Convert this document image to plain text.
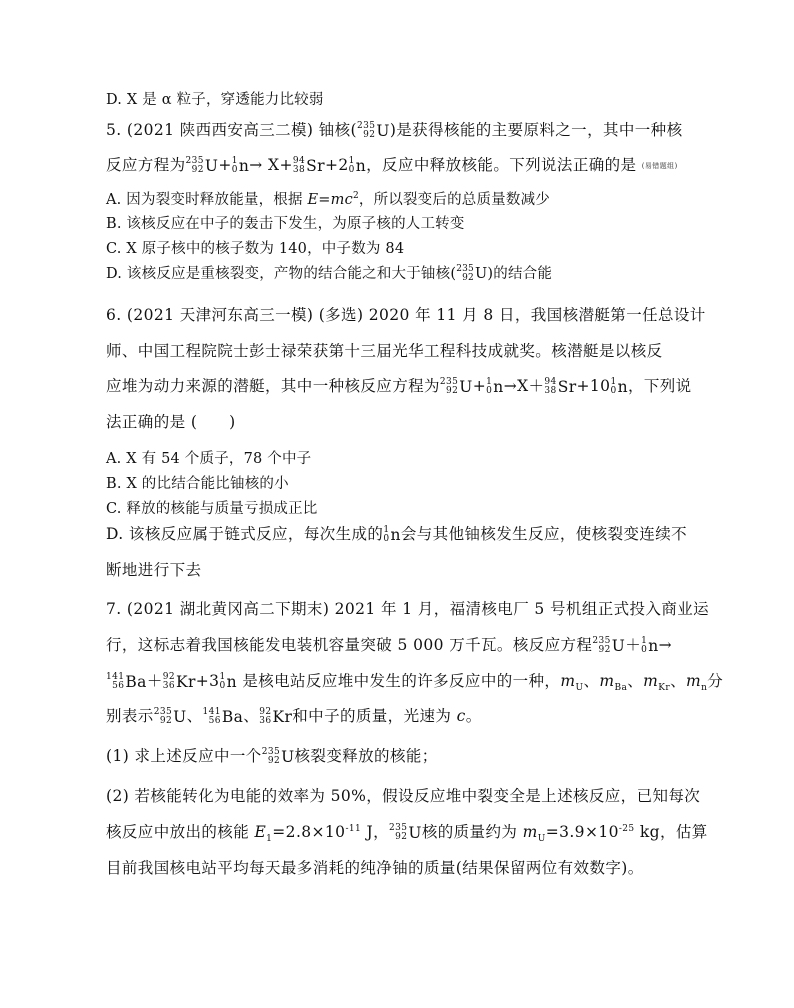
D. X 是 α 粒子，穿透能力比较弱
5. (2021 陕西西安高三二模) 铀核( 235
92 U)是获得核能的主要原料之一，其中一种核
反应方程为 235
92 U+ 1
0 n→ X+ 94
38 Sr+2 1
0 n，反应中释放核能。下列说法正确的是 (易错题组)
A. 因为裂变时释放能量，根据 $E=mc^2$，所以裂变后的总质量数减少
B. 该核反应在中子的轰击下发生，为原子核的人工转变
C. X 原子核中的核子数为 140，中子数为 84
D. 该核反应是重核裂变，产物的结合能之和大于铀核( 235
92 U)的结合能
6. (2021 天津河东高三一模) (多选) 2020 年 11 月 8 日，我国核潜艇第一任总设计
师、中国工程院院士彭士禄荣获第十三届光华工程科技成就奖。核潜艇是以核反
应堆为动力来源的潜艇，其中一种核反应方程为 235
92 U+ 1
0 n→X＋ 94
38 Sr+10 1
0 n，下列说
法正确的是 (　　)
A. X 有 54 个质子，78 个中子
B. X 的比结合能比铀核的小
C. 释放的核能与质量亏损成正比
D. 该核反应属于链式反应，每次生成的 1
0 n会与其他铀核发生反应，使核裂变连续不
断地进行下去
7. (2021 湖北黄冈高二下期末) 2021 年 1 月，福清核电厂 5 号机组正式投入商业运
行，这标志着我国核能发电装机容量突破 5 000 万千瓦。核反应方程 235
92 U＋ 1
0 n→
141
56 Ba＋ 92
36 Kr+3 1
0 n 是核电站反应堆中发生的许多反应中的一种，$m_U$、$m_{Ba}$、$m_{Kr}$、$m_n$分
别表示 235
92 U、 141
56 Ba、 92
36 Kr和中子的质量，光速为 c。
(1) 求上述反应中一个 235
92 U核裂变释放的核能；
(2) 若核能转化为电能的效率为 50%，假设反应堆中裂变全是上述核反应，已知每次
核反应中放出的核能 $E_1=2.8\times 10^{-11}$ J， 235
92 U核的质量约为 $m_U=3.9\times 10^{-25}$ kg，估算
目前我国核电站平均每天最多消耗的纯净铀的质量(结果保留两位有效数字)。
